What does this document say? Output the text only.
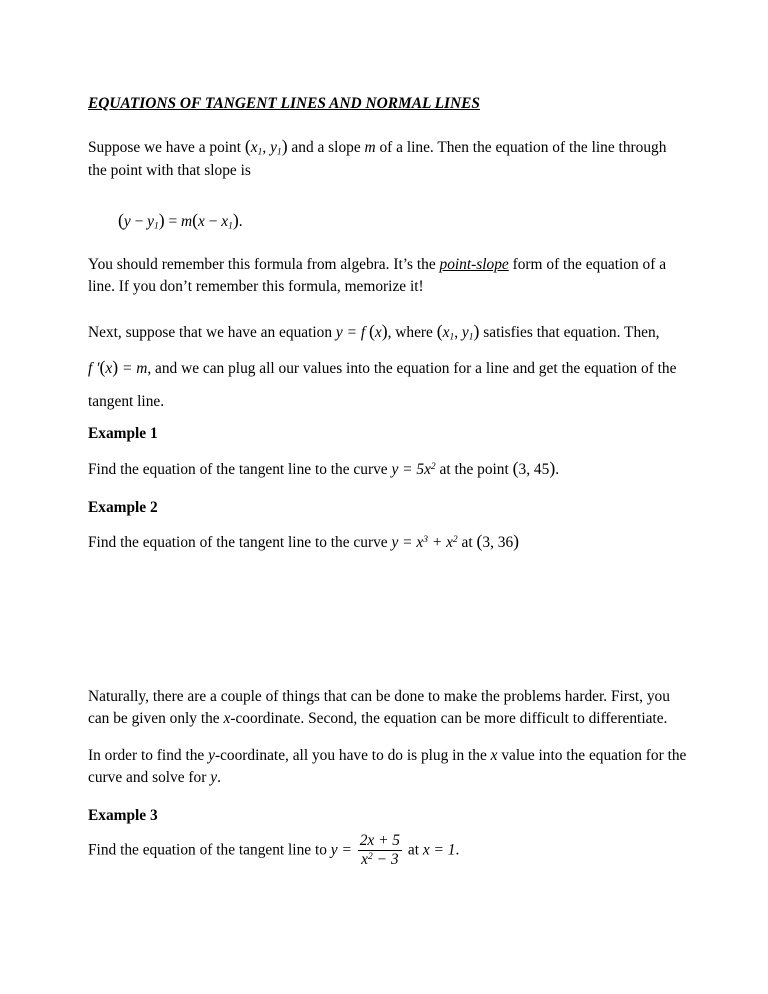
EQUATIONS OF TANGENT LINES AND NORMAL LINES

Suppose we have a point ($x_1$, $y_1$) and a slope m of a line. Then the equation of the line through
the point with that slope is

$(y - y_1) = m(x - x_1)$.

You should remember this formula from algebra. It’s the point-slope form of the equation of a line. If you don’t remember this formula, memorize it!

Next, suppose that we have an equation y = f (x), where ($x_1$, $y_1$) satisfies that equation. Then, f ′(x) = m, and we can plug all our values into the equation for a line and get the equation of the tangent line.

Example 1

Find the equation of the tangent line to the curve $y = 5x^2$ at the point (3, 45).

Example 2

Find the equation of the tangent line to the curve $y = x^3 + x^2$ at (3, 36)

Naturally, there are a couple of things that can be done to make the problems harder. First, you can be given only the x-coordinate. Second, the equation can be more difficult to differentiate.

In order to find the y-coordinate, all you have to do is plug in the x value into the equation for the curve and solve for y.

Example 3

Find the equation of the tangent line to $y = \frac{2x + 5}{x^2 - 3}$ at x = 1.
